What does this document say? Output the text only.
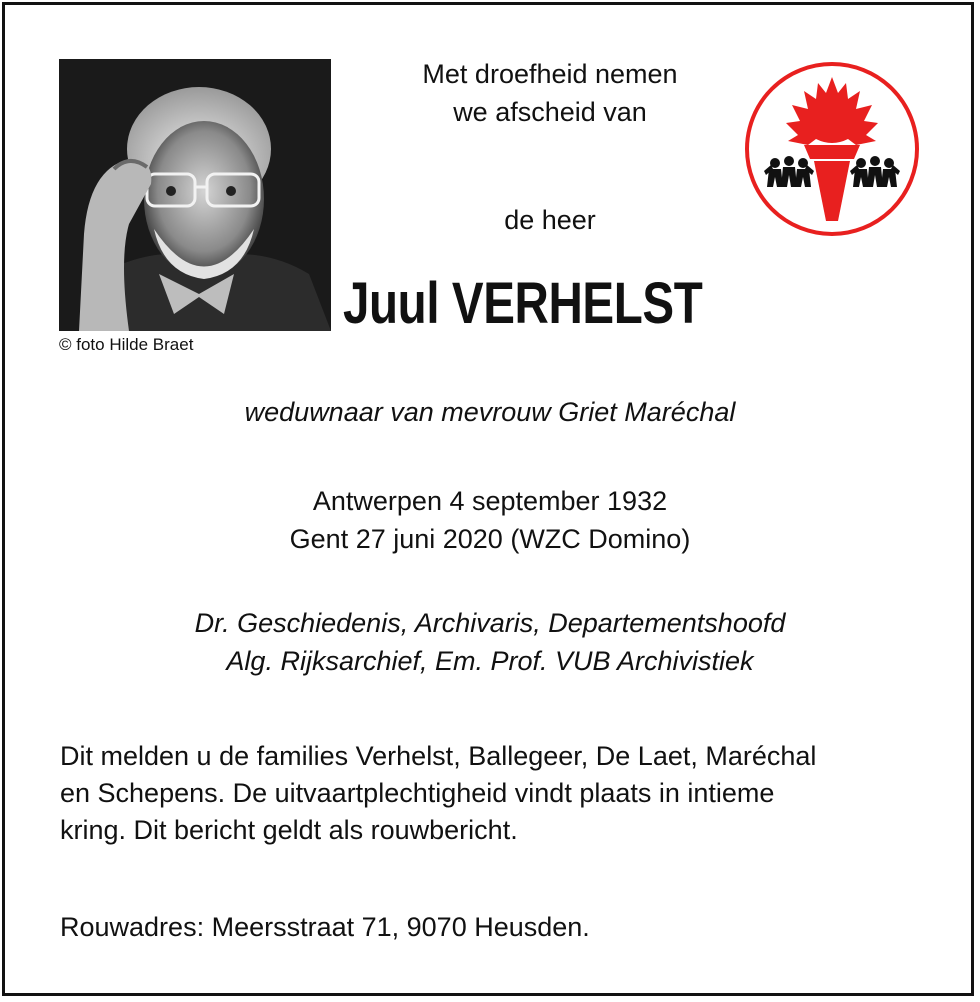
© foto Hilde Braet
Met droefheid nemen
we afscheid van
de heer
Juul VERHELST
weduwnaar van mevrouw Griet Maréchal
Antwerpen 4 september 1932
Gent 27 juni 2020 (WZC Domino)
Dr. Geschiedenis, Archivaris, Departementshoofd
Alg. Rijksarchief, Em. Prof. VUB Archivistiek
Dit melden u de families Verhelst, Ballegeer, De Laet, Maréchal
en Schepens. De uitvaartplechtigheid vindt plaats in intieme
kring. Dit bericht geldt als rouwbericht.
Rouwadres: Meersstraat 71, 9070 Heusden.
